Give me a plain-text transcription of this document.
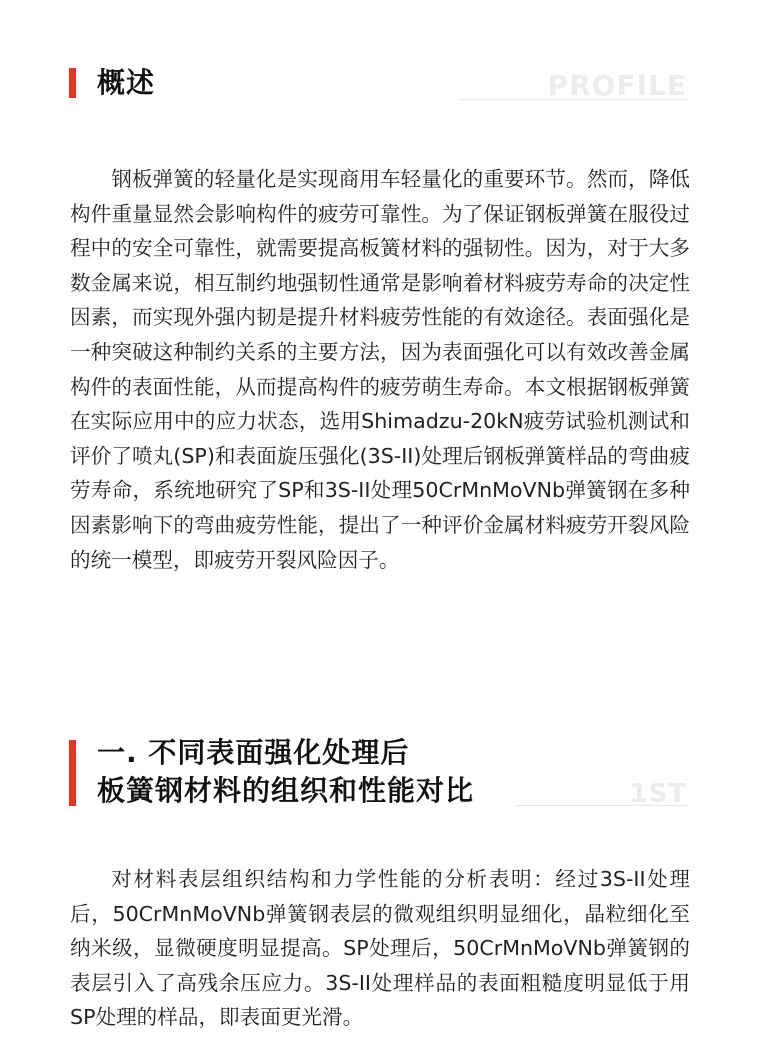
概述	PROFILE

钢板弹簧的轻量化是实现商用车轻量化的重要环节。然而，降低构件重量显然会影响构件的疲劳可靠性。为了保证钢板弹簧在服役过程中的安全可靠性，就需要提高板簧材料的强韧性。因为，对于大多数金属来说，相互制约地强韧性通常是影响着材料疲劳寿命的决定性因素，而实现外强内韧是提升材料疲劳性能的有效途径。表面强化是一种突破这种制约关系的主要方法，因为表面强化可以有效改善金属构件的表面性能，从而提高构件的疲劳萌生寿命。本文根据钢板弹簧在实际应用中的应力状态，选用Shimadzu-20kN疲劳试验机测试和评价了喷丸(SP)和表面旋压强化(3S-II)处理后钢板弹簧样品的弯曲疲劳寿命，系统地研究了SP和3S-II处理50CrMnMoVNb弹簧钢在多种因素影响下的弯曲疲劳性能，提出了一种评价金属材料疲劳开裂风险的统一模型，即疲劳开裂风险因子。

一. 不同表面强化处理后
板簧钢材料的组织和性能对比	1ST

对材料表层组织结构和力学性能的分析表明：经过3S-II处理后，50CrMnMoVNb弹簧钢表层的微观组织明显细化，晶粒细化至纳米级，显微硬度明显提高。SP处理后，50CrMnMoVNb弹簧钢的表层引入了高残余压应力。3S-II处理样品的表面粗糙度明显低于用SP处理的样品，即表面更光滑。
